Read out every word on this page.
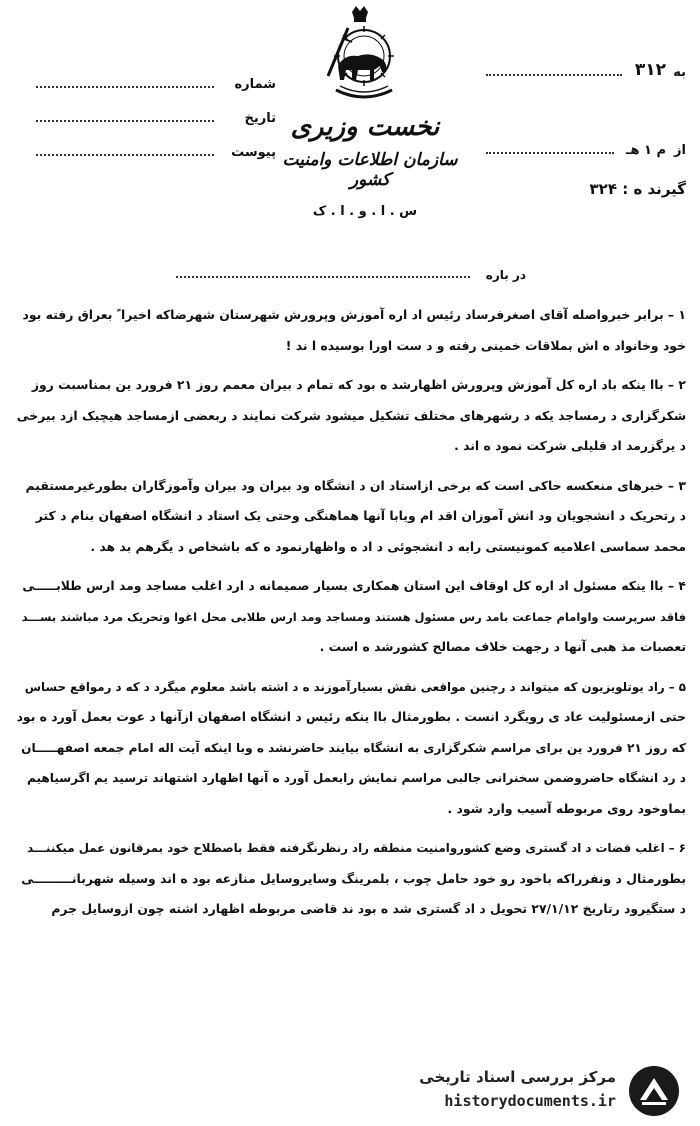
شماره
تاریخ
پیوست
نخست وزیری
سازمان اطلاعات وامنیت کشور
س . ا . و . ا . ک
به
۳۱۲
از
م ۱ هـ
گیرند ه : ۳۲۴
در باره
۱ – برابر خبرواصله آقای اصغرفرساد رئیس اد اره آموزش وپرورش شهرستان شهرضاکه اخیرا ً بعراق رفته بود
خود وخانواد ه اش بملاقات خمینی رفته و د ست اورا بوسیده ا ند !
۲ – باا ینکه باد اره کل آموزش وپرورش اظهارشد ه بود که تمام د بیران معمم روز ۲۱ فرورد ین بمناسبت روز
شکرگزاری د رمساجد یکه د رشهرهای مختلف تشکیل میشود شرکت نمایند د ربعضی ازمساجد هیچیک ازد بیرخی
د یرگزرمد اد قلیلی شرکت نمود ه اند .
۳ – خبرهای منعکسه حاکی است که برخی ازاستاد ان د انشگاه ود بیران ود بیران وآموزگاران بطورغیرمستقیم
د رتحریک د انشجویان ود انش آموزان اقد ام ویابا آنها هماهنگی وحتی یک استاد د انشگاه اصفهان بنام د کتر
محمد سماسی اعلامیه کمونیستی رابه د انشجوئی د اد ه واظهارنمود ه که باشخاص د یگرهم بد هد .
۴ – باا ینکه مسئول اد اره کل اوقاف این استان همکاری بسیار صمیمانه د ارد اغلب مساجد ومد ارس طلابـــــی
فاقد سرپرست واوامام جماعت بامد رس مسئول هستند ومساجد ومد ارس طلابی محل اغوا وتحریک مرد مباشند بســـد
تعصبات مذ هبی آنها د رجهت خلاف مصالح کشورشد ه است .
۵ – راد یوتلویزیون که میتواند د رچنین مواقعی نقش بسیارآموزند ه د اشته باشد معلوم میگرد د که د رمواقع حساس
حتی ازمسئولیت عاد ی رویگرد انست . بطورمثال باا ینکه رئیس د انشگاه اصفهان ازآنها د عوت بعمل آورد ه بود
که روز ۲۱ فرورد ین برای مراسم شکرگزاری به انشگاه بیایند حاضرنشد ه وبا اینکه آیت اله امام جمعه اصفهـــــان
د رد انشگاه حاضروضمن سخنرانی جالبی مراسم نمایش رابعمل آورد ه آنها اظهارد اشتهاند ترسید یم اگرسیاهیم
بماوخود روی مربوطه آسیب وارد شود .
۶ – اغلب قضات د اد گستری وضع کشوروامنیت منطقه راد رنظرنگرفته فقط باصطلاح خود بمرقانون عمل میکننـــد
بطورمثال د ونفرراکه باخود رو خود حامل چوب ، بلمرینگ وسایروسایل منازعه بود ه اند وسیله شهربانـــــــــی
د ستگیرود رتاریخ ۲۷/۱/۱۲ تحویل د اد گستری شد ه بود ند قاضی مربوطه اظهارد اشته چون ازوسایل جرم
مرکز بررسی اسناد تاریخی
historydocuments.ir
